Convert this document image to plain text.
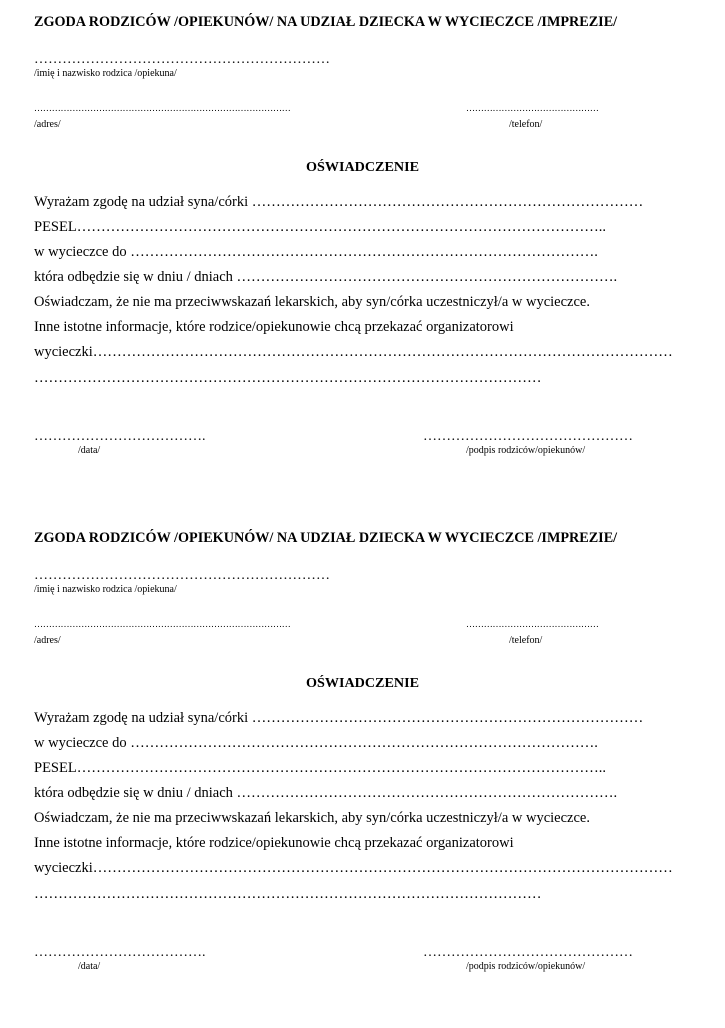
ZGODA RODZICÓW /OPIEKUNÓW/ NA UDZIAŁ DZIECKA W WYCIECZCE /IMPREZIE/
………………………………………………………
/imię i nazwisko rodzica /opiekuna/
……………………………………………………………………………	………………………………………
/adres/	/telefon/
OŚWIADCZENIE
Wyrażam zgodę na udział syna/córki ………………………………………………………………………
PESEL………………………………………………………………………………………………..
w wycieczce do …………………………………………………………………………………….
która odbędzie się w dniu / dniach …………………………………………………………………….
Oświadczam, że nie ma przeciwwskazań lekarskich, aby syn/córka uczestniczył/a w wycieczce.
Inne istotne informacje, które rodzice/opiekunowie chcą przekazać organizatorowi
wycieczki…………………………………………………………………………………………………………
……………………………………………………………………………………………
……………………………….	………………………………………
/data/	/podpis rodziców/opiekunów/
ZGODA RODZICÓW /OPIEKUNÓW/ NA UDZIAŁ DZIECKA W WYCIECZCE /IMPREZIE/
………………………………………………………
/imię i nazwisko rodzica /opiekuna/
……………………………………………………………………………	………………………………………
/adres/	/telefon/
OŚWIADCZENIE
Wyrażam zgodę na udział syna/córki ………………………………………………………………………
w wycieczce do …………………………………………………………………………………….
PESEL………………………………………………………………………………………………..
która odbędzie się w dniu / dniach …………………………………………………………………….
Oświadczam, że nie ma przeciwwskazań lekarskich, aby syn/córka uczestniczył/a w wycieczce.
Inne istotne informacje, które rodzice/opiekunowie chcą przekazać organizatorowi
wycieczki…………………………………………………………………………………………………………
……………………………………………………………………………………………
……………………………….	………………………………………
/data/	/podpis rodziców/opiekunów/
